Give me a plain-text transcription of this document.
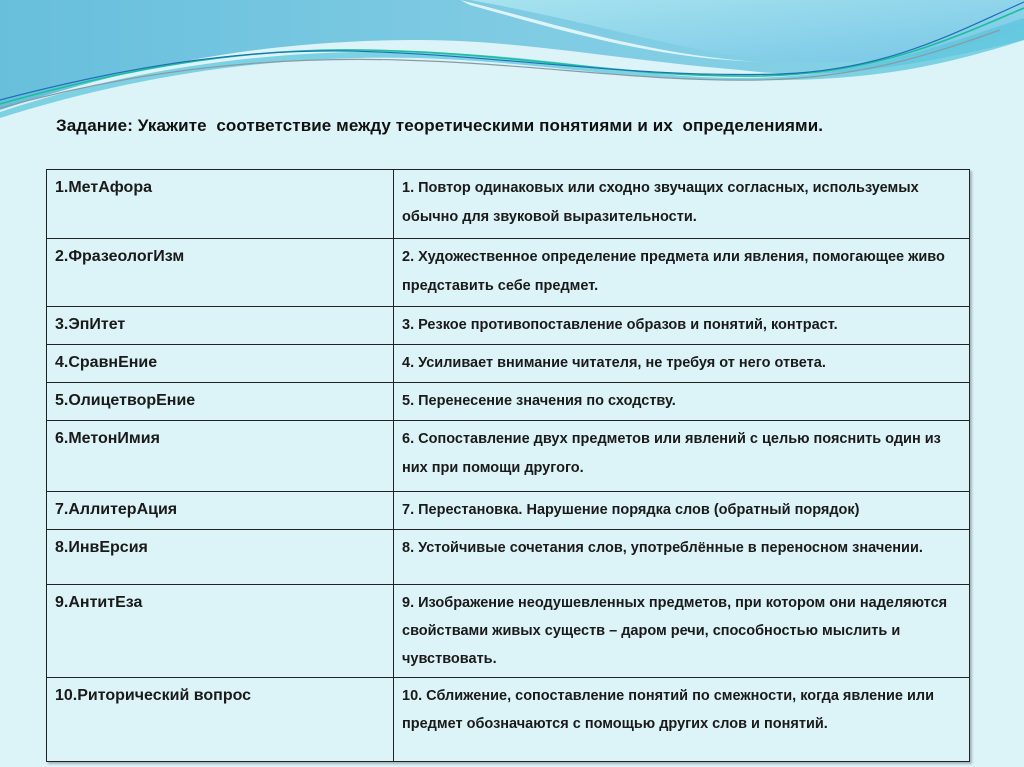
Задание: Укажите  соответствие между теоретическими понятиями и их  определениями.
1.МетАфора	1. Повтор одинаковых или сходно звучащих согласных, используемых обычно для звуковой выразительности.
2.ФразеологИзм	2. Художественное определение предмета или явления, помогающее живо представить себе предмет.
3.ЭпИтет	3. Резкое противопоставление образов и понятий, контраст.
4.СравнЕние	4. Усиливает внимание читателя, не требуя от него ответа.
5.ОлицетворЕние	5. Перенесение значения по сходству.
6.МетонИмия	6. Сопоставление двух предметов или явлений с целью пояснить один из них при помощи другого.
7.АллитерАция	7. Перестановка. Нарушение порядка слов (обратный порядок)
8.ИнвЕрсия	8. Устойчивые сочетания слов, употреблённые в переносном значении.
9.АнтитЕза	9. Изображение неодушевленных предметов, при котором они наделяются свойствами живых существ – даром речи, способностью мыслить и чувствовать.
10.Риторический вопрос	10. Сближение, сопоставление понятий по смежности, когда явление или предмет обозначаются с помощью других слов и понятий.
